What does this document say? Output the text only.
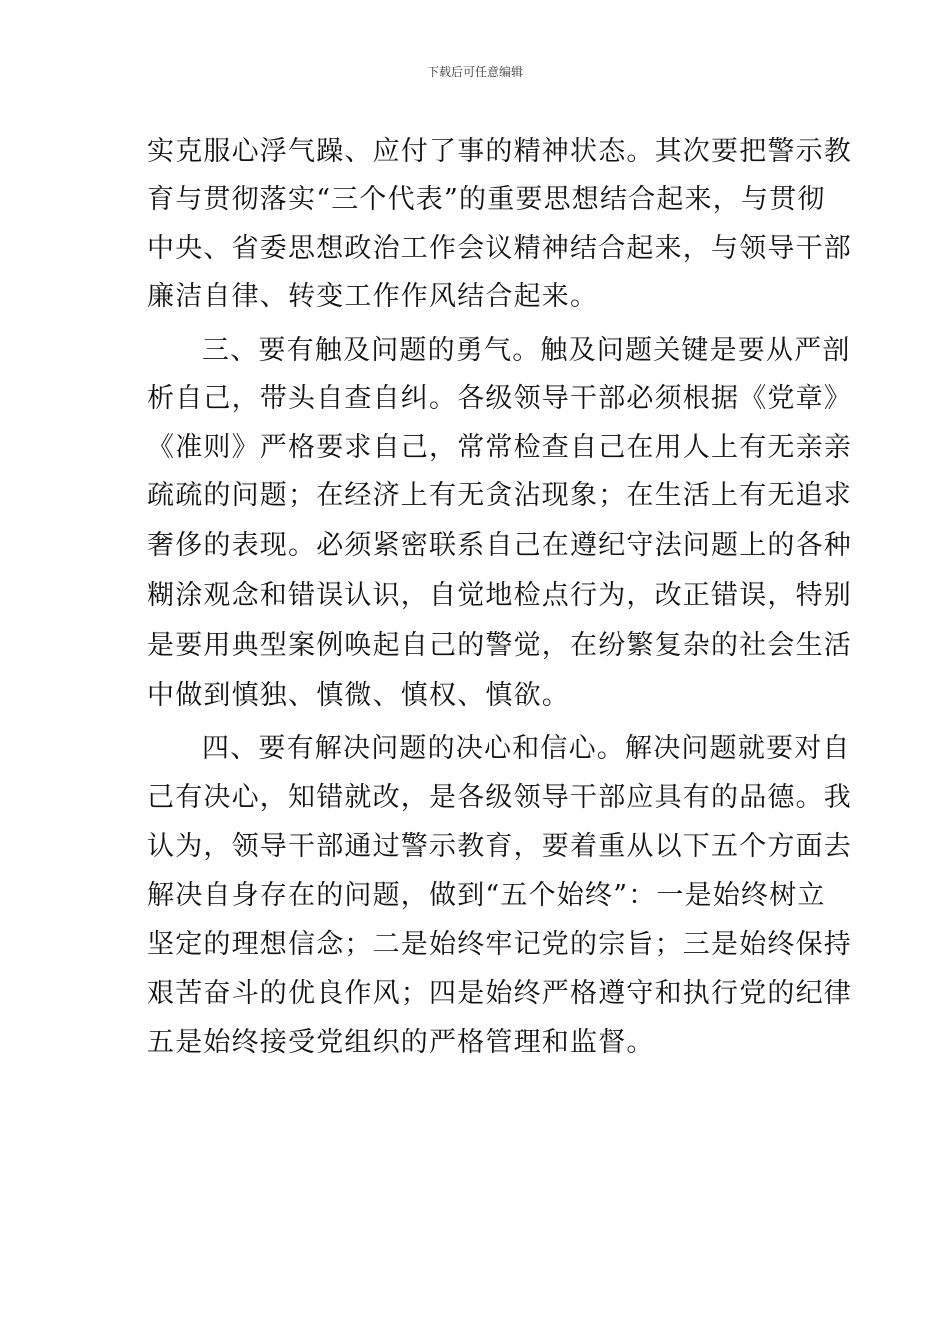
下载后可任意编辑
实克服心浮气躁、应付了事的精神状态。其次要把警示教
育与贯彻落实“三个代表”的重要思想结合起来，与贯彻
中央、省委思想政治工作会议精神结合起来，与领导干部
廉洁自律、转变工作作风结合起来。
三、要有触及问题的勇气。触及问题关键是要从严剖
析自己，带头自查自纠。各级领导干部必须根据《党章》
《准则》严格要求自己，常常检查自己在用人上有无亲亲
疏疏的问题；在经济上有无贪沾现象；在生活上有无追求
奢侈的表现。必须紧密联系自己在遵纪守法问题上的各种
糊涂观念和错误认识，自觉地检点行为，改正错误，特别
是要用典型案例唤起自己的警觉，在纷繁复杂的社会生活
中做到慎独、慎微、慎权、慎欲。
四、要有解决问题的决心和信心。解决问题就要对自
己有决心，知错就改，是各级领导干部应具有的品德。我
认为，领导干部通过警示教育，要着重从以下五个方面去
解决自身存在的问题，做到“五个始终”：一是始终树立
坚定的理想信念；二是始终牢记党的宗旨；三是始终保持
艰苦奋斗的优良作风；四是始终严格遵守和执行党的纪律
五是始终接受党组织的严格管理和监督。
